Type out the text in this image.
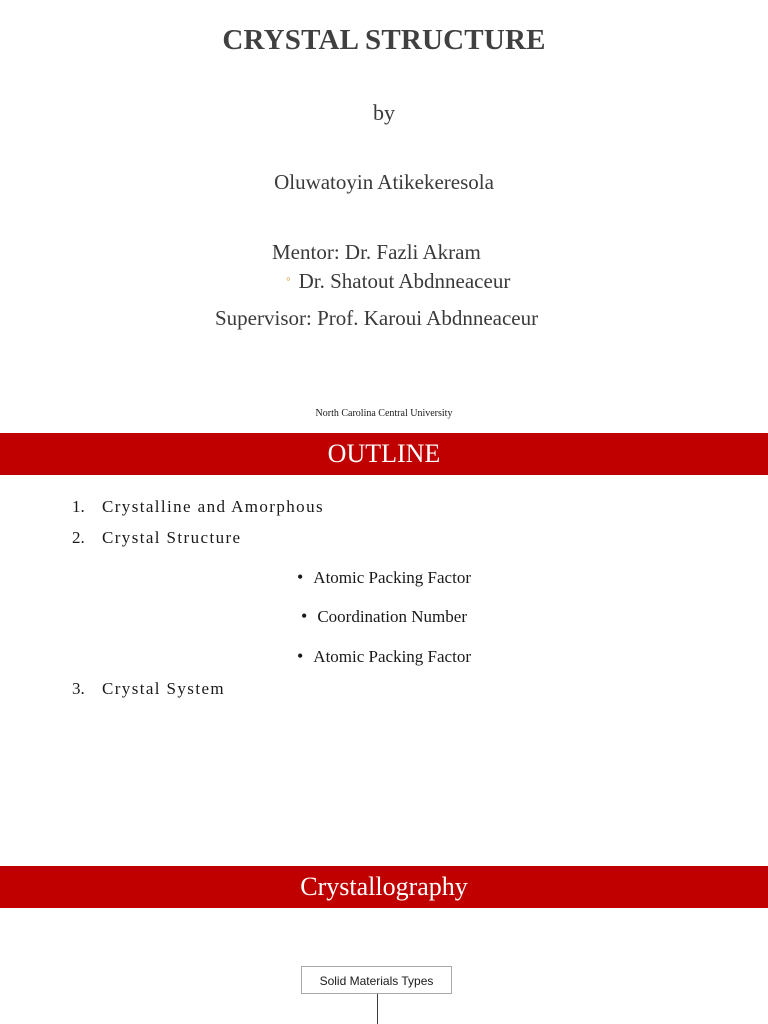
CRYSTAL STRUCTURE
by
Oluwatoyin Atikekeresola
Mentor: Dr. Fazli Akram
◦ Dr. Shatout Abdnneaceur
Supervisor: Prof. Karoui Abdnneaceur
North Carolina Central University
OUTLINE
1. Crystalline and Amorphous
2. Crystal Structure
• Atomic Packing Factor
• Coordination Number
• Atomic Packing Factor
3. Crystal System
Crystallography
Solid Materials Types
